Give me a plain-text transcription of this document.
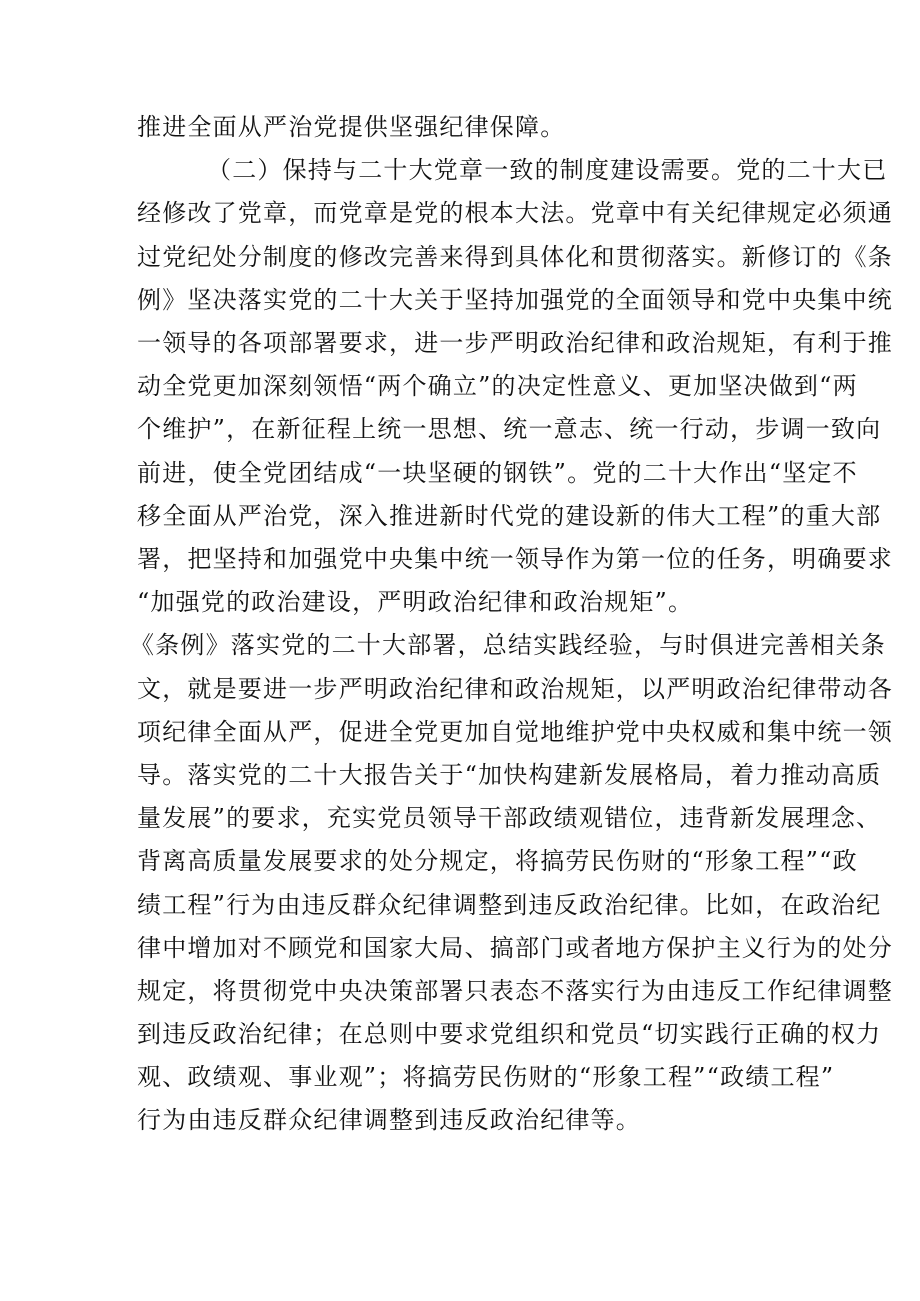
推进全面从严治党提供坚强纪律保障。
（二）保持与二十大党章一致的制度建设需要。党的二十大已
经修改了党章，而党章是党的根本大法。党章中有关纪律规定必须通
过党纪处分制度的修改完善来得到具体化和贯彻落实。新修订的《条
例》坚决落实党的二十大关于坚持加强党的全面领导和党中央集中统
一领导的各项部署要求，进一步严明政治纪律和政治规矩，有利于推
动全党更加深刻领悟“两个确立”的决定性意义、更加坚决做到“两
个维护”，在新征程上统一思想、统一意志、统一行动，步调一致向
前进，使全党团结成“一块坚硬的钢铁”。党的二十大作出“坚定不
移全面从严治党，深入推进新时代党的建设新的伟大工程”的重大部
署，把坚持和加强党中央集中统一领导作为第一位的任务，明确要求
“加强党的政治建设，严明政治纪律和政治规矩”。
《条例》落实党的二十大部署，总结实践经验，与时俱进完善相关条
文，就是要进一步严明政治纪律和政治规矩，以严明政治纪律带动各
项纪律全面从严，促进全党更加自觉地维护党中央权威和集中统一领
导。落实党的二十大报告关于“加快构建新发展格局，着力推动高质
量发展”的要求，充实党员领导干部政绩观错位，违背新发展理念、
背离高质量发展要求的处分规定，将搞劳民伤财的“形象工程”“政
绩工程”行为由违反群众纪律调整到违反政治纪律。比如，在政治纪
律中增加对不顾党和国家大局、搞部门或者地方保护主义行为的处分
规定，将贯彻党中央决策部署只表态不落实行为由违反工作纪律调整
到违反政治纪律；在总则中要求党组织和党员“切实践行正确的权力
观、政绩观、事业观”；将搞劳民伤财的“形象工程”“政绩工程”
行为由违反群众纪律调整到违反政治纪律等。
